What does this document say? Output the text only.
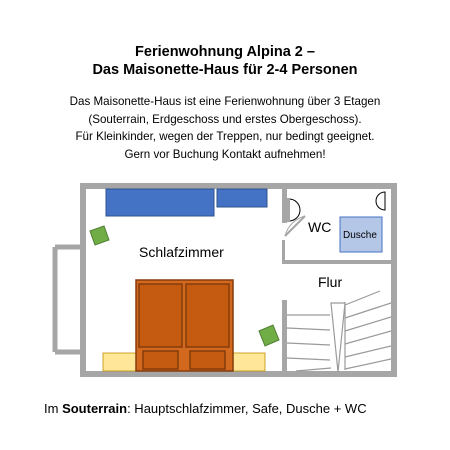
Ferienwohnung Alpina 2 –
Das Maisonette-Haus für 2-4 Personen
Das Maisonette-Haus ist eine Ferienwohnung über 3 Etagen
(Souterrain, Erdgeschoss und erstes Obergeschoss).
Für Kleinkinder, wegen der Treppen, nur bedingt geeignet.
Gern vor Buchung Kontakt aufnehmen!
Schlafzimmer
WC
Dusche
Flur
Im Souterrain: Hauptschlafzimmer, Safe, Dusche + WC
